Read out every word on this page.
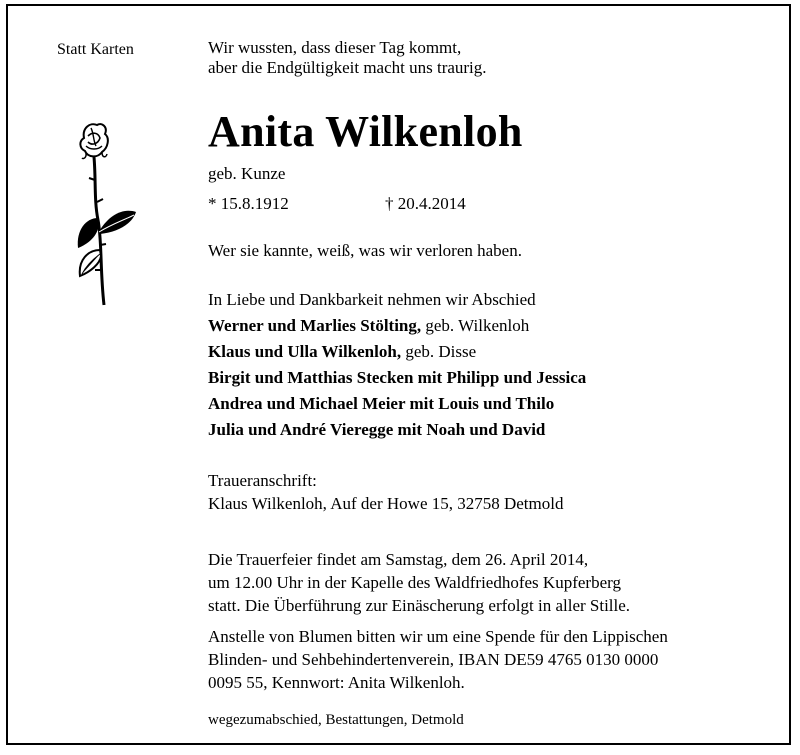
Statt Karten	Wir wussten, dass dieser Tag kommt,
aber die Endgültigkeit macht uns traurig.
Anita Wilkenloh
geb. Kunze
* 15.8.1912	† 20.4.2014
Wer sie kannte, weiß, was wir verloren haben.
In Liebe und Dankbarkeit nehmen wir Abschied
Werner und Marlies Stölting, geb. Wilkenloh
Klaus und Ulla Wilkenloh, geb. Disse
Birgit und Matthias Stecken mit Philipp und Jessica
Andrea und Michael Meier mit Louis und Thilo
Julia und André Vieregge mit Noah und David
Traueranschrift:
Klaus Wilkenloh, Auf der Howe 15, 32758 Detmold
Die Trauerfeier findet am Samstag, dem 26. April 2014,
um 12.00 Uhr in der Kapelle des Waldfriedhofes Kupferberg
statt. Die Überführung zur Einäscherung erfolgt in aller Stille.
Anstelle von Blumen bitten wir um eine Spende für den Lippischen
Blinden- und Sehbehindertenverein, IBAN DE59 4765 0130 0000
0095 55, Kennwort: Anita Wilkenloh.
wegezumabschied, Bestattungen, Detmold
